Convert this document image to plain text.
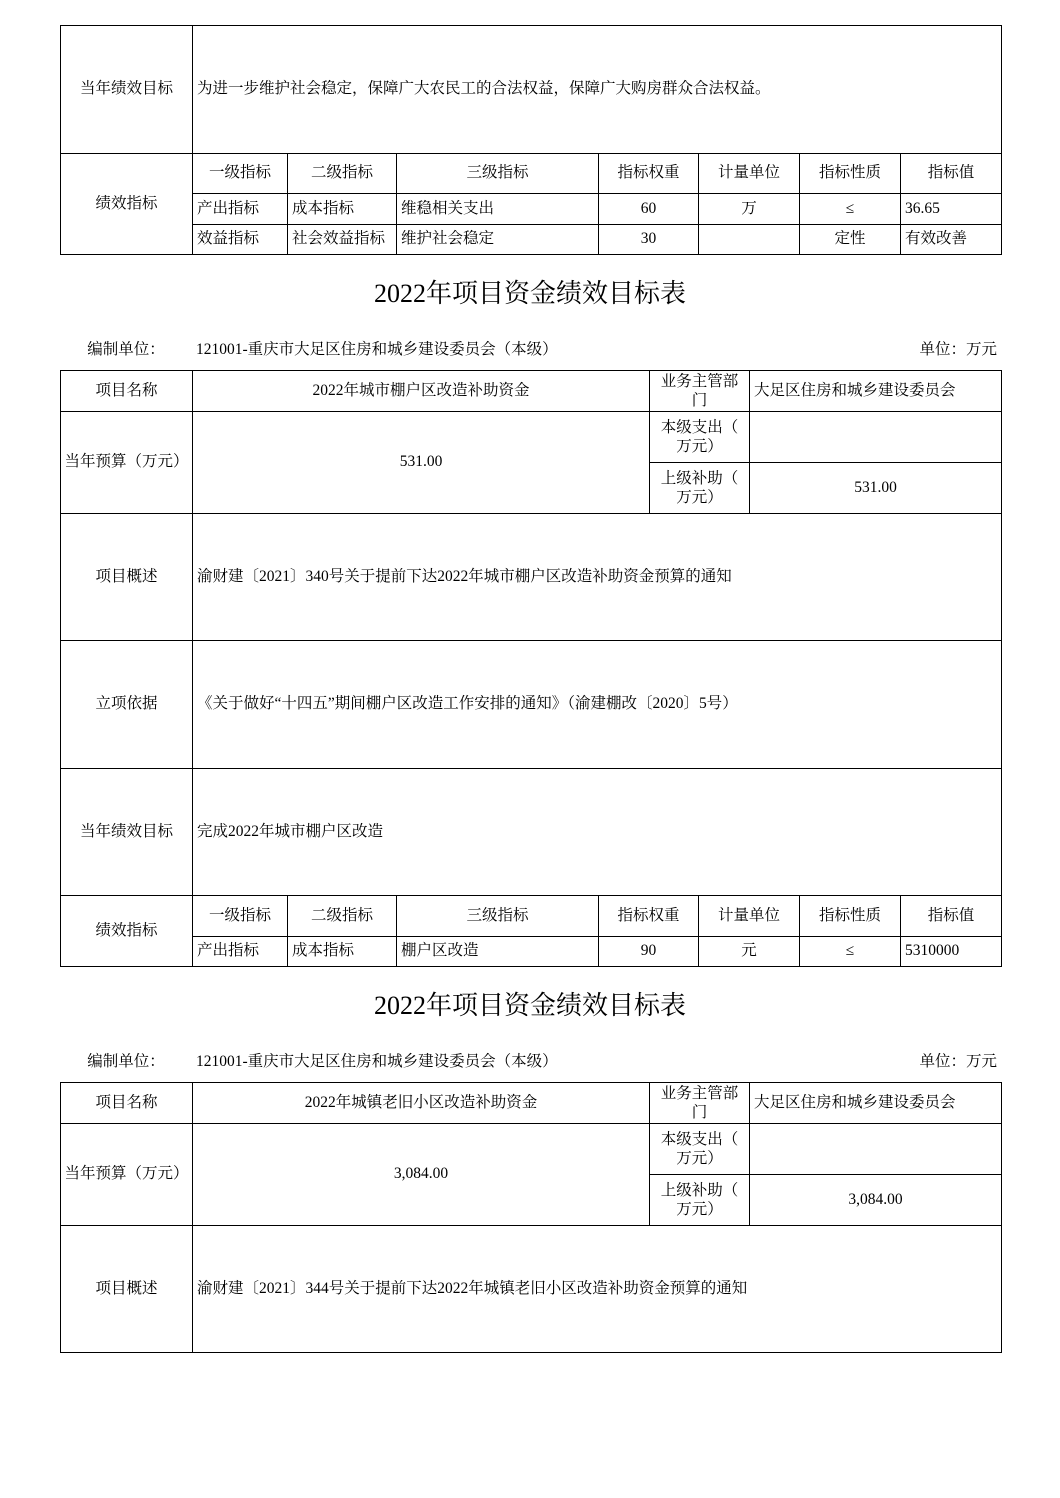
当年绩效目标	为进一步维护社会稳定，保障广大农民工的合法权益，保障广大购房群众合法权益。						
绩效指标	一级指标	二级指标	三级指标	指标权重	计量单位	指标性质	指标值
	产出指标	成本指标	维稳相关支出	60	万	≤	36.65
	效益指标	社会效益指标	维护社会稳定	30		定性	有效改善
2022年项目资金绩效目标表
编制单位：	121001-重庆市大足区住房和城乡建设委员会（本级）	单位：万元
项目名称	2022年城市棚户区改造补助资金				业务主管部门		大足区住房和城乡建设委员会		
当年预算（万元）	531.00				本级支出（万元）				
					上级补助（万元）		531.00		
项目概述	渝财建〔2021〕340号关于提前下达2022年城市棚户区改造补助资金预算的通知								
立项依据	《关于做好“十四五”期间棚户区改造工作安排的通知》（渝建棚改〔2020〕5号）								
当年绩效目标	完成2022年城市棚户区改造								
绩效指标	一级指标	二级指标	三级指标	指标权重		计量单位		指标性质	指标值
	产出指标	成本指标	棚户区改造	90		元		≤	5310000
2022年项目资金绩效目标表
编制单位：	121001-重庆市大足区住房和城乡建设委员会（本级）	单位：万元
项目名称	2022年城镇老旧小区改造补助资金	业务主管部门	大足区住房和城乡建设委员会
当年预算（万元）	3,084.00	本级支出（万元）	
		上级补助（万元）	3,084.00
项目概述	渝财建〔2021〕344号关于提前下达2022年城镇老旧小区改造补助资金预算的通知		
